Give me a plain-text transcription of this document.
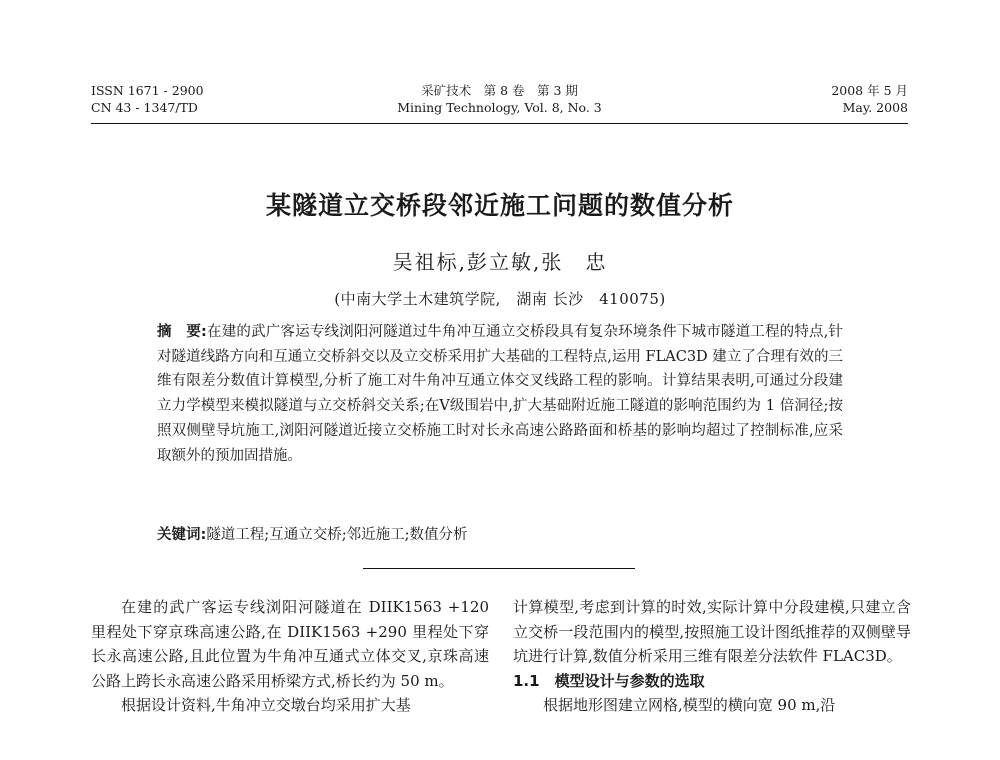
ISSN 1671 - 2900
CN 43 - 1347/TD
采矿技术　第 8 卷　第 3 期
Mining Technology, Vol. 8, No. 3
2008 年 5 月
May. 2008
某隧道立交桥段邻近施工问题的数值分析
吴祖标,彭立敏,张　忠
(中南大学土木建筑学院,　湖南 长沙　410075)
摘　要:在建的武广客运专线浏阳河隧道过牛角冲互通立交桥段具有复杂环境条件下城市隧道工程的特点,针对隧道线路方向和互通立交桥斜交以及立交桥采用扩大基础的工程特点,运用 FLAC3D 建立了合理有效的三维有限差分数值计算模型,分析了施工对牛角冲互通立体交叉线路工程的影响。计算结果表明,可通过分段建立力学模型来模拟隧道与立交桥斜交关系;在Ⅴ级围岩中,扩大基础附近施工隧道的影响范围约为 1 倍洞径;按照双侧壁导坑施工,浏阳河隧道近接立交桥施工时对长永高速公路路面和桥基的影响均超过了控制标准,应采取额外的预加固措施。
关键词:隧道工程;互通立交桥;邻近施工;数值分析

在建的武广客运专线浏阳河隧道在 DIIK1563 +120 里程处下穿京珠高速公路,在 DIIK1563 +290 里程处下穿长永高速公路,且此位置为牛角冲互通式立体交叉,京珠高速公路上跨长永高速公路采用桥梁方式,桥长约为 50 m。

根据设计资料,牛角冲立交墩台均采用扩大基

计算模型,考虑到计算的时效,实际计算中分段建模,只建立含立交桥一段范围内的模型,按照施工设计图纸推荐的双侧壁导坑进行计算,数值分析采用三维有限差分法软件 FLAC3D。

1.1　模型设计与参数的选取

根据地形图建立网格,模型的横向宽 90 m,沿
